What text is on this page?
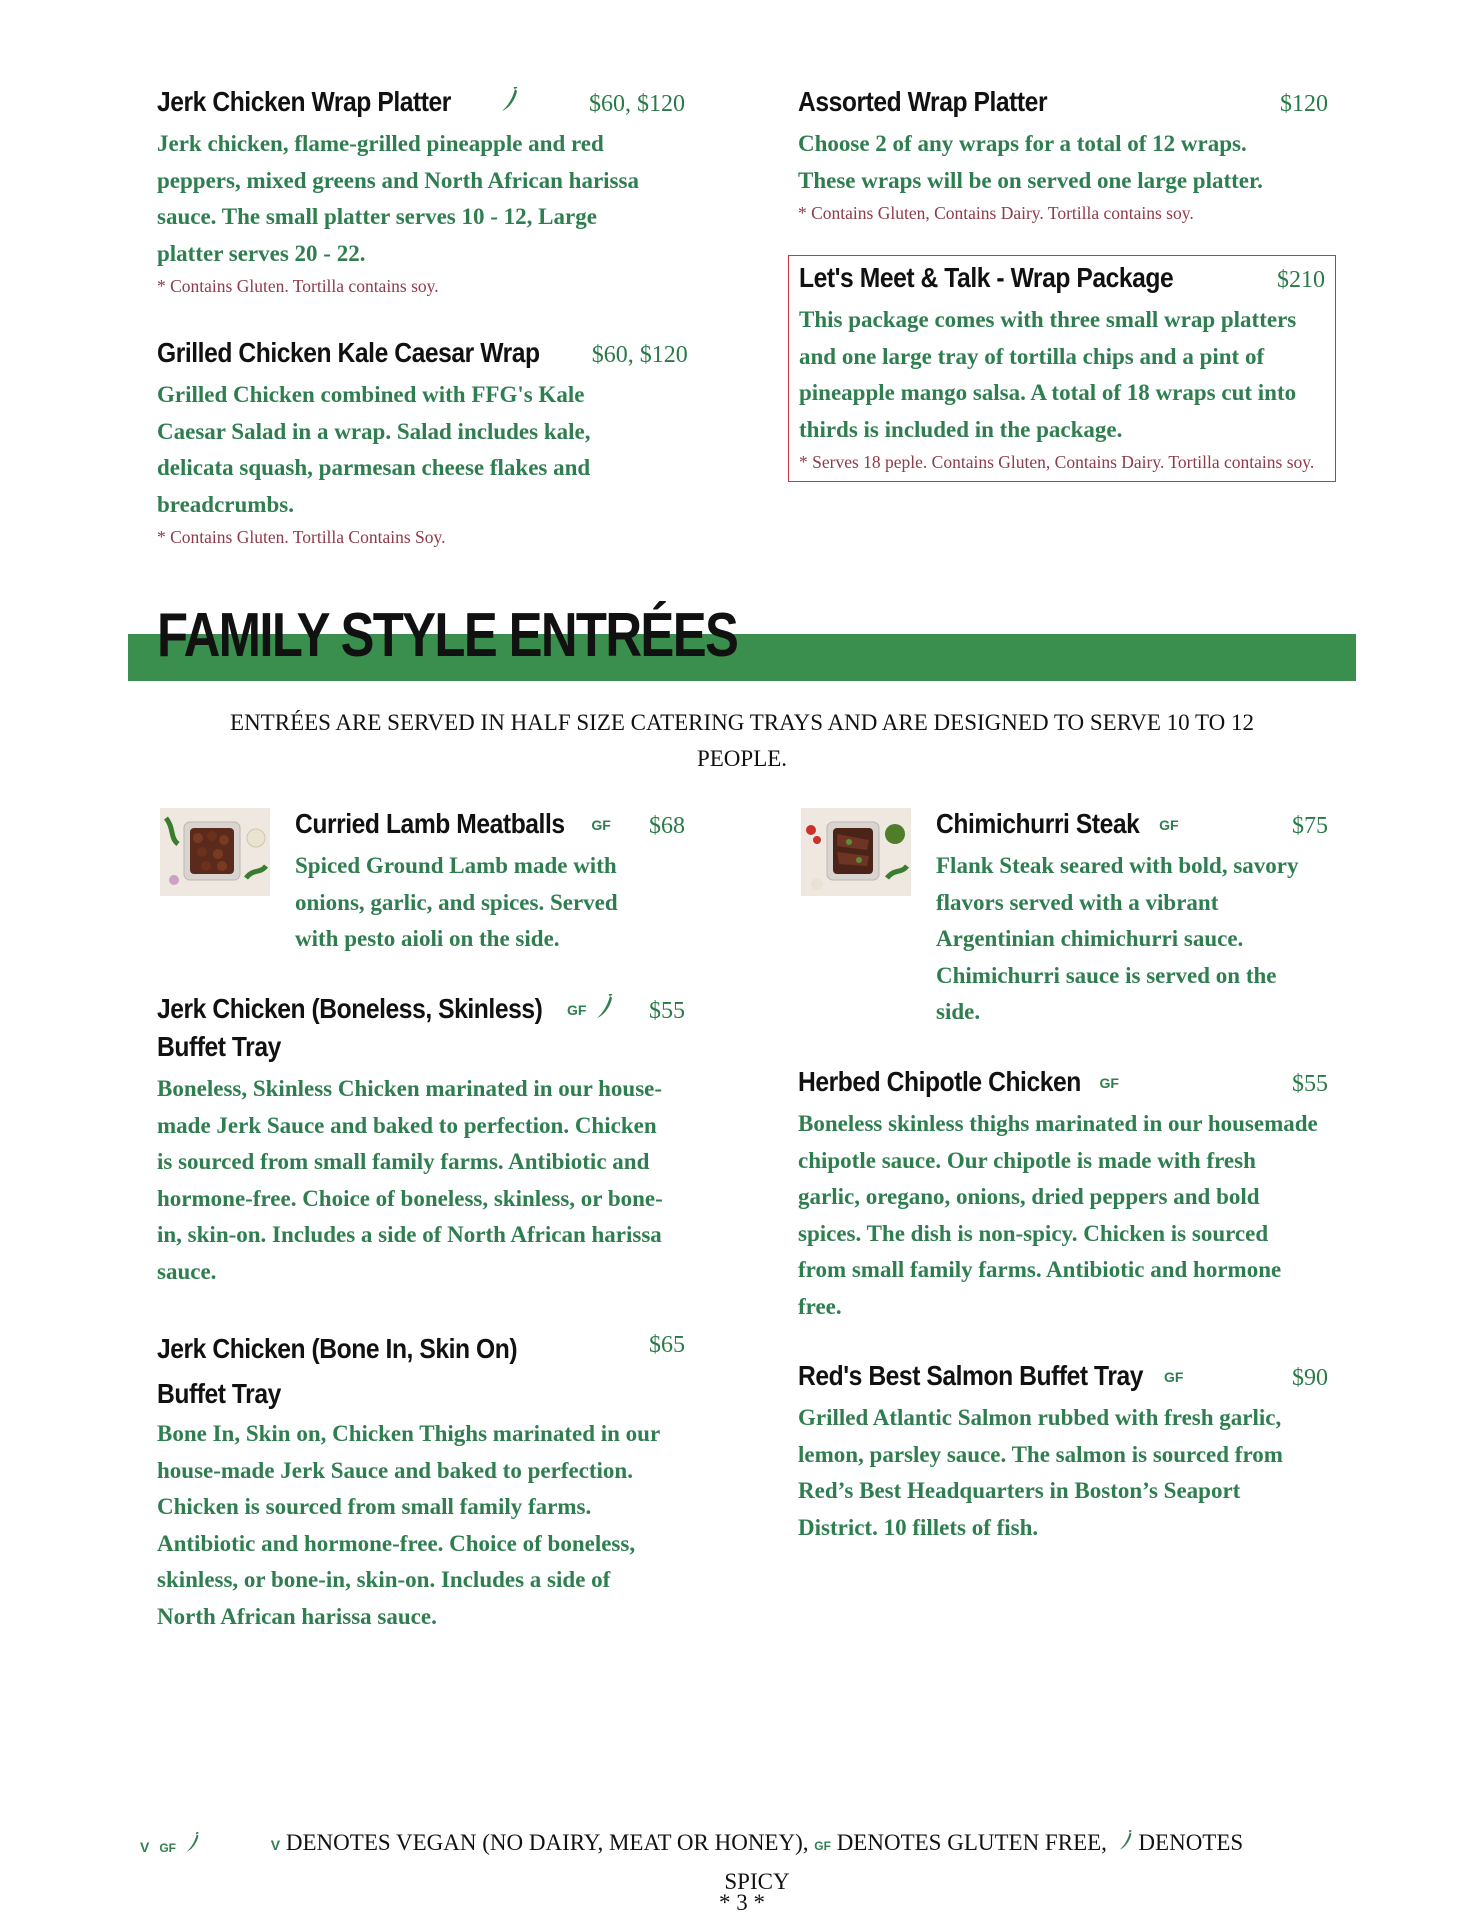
Jerk Chicken Wrap Platter	$60, $120
Jerk chicken, flame-grilled pineapple and red peppers, mixed greens and North African harissa sauce. The small platter serves 10 - 12, Large platter serves 20 - 22.
* Contains Gluten. Tortilla contains soy.
Grilled Chicken Kale Caesar Wrap $60, $120
Grilled Chicken combined with FFG's Kale Caesar Salad in a wrap. Salad includes kale, delicata squash, parmesan cheese flakes and breadcrumbs.
* Contains Gluten. Tortilla Contains Soy.
Assorted Wrap Platter	$120
Choose 2 of any wraps for a total of 12 wraps. These wraps will be on served one large platter.
* Contains Gluten, Contains Dairy. Tortilla contains soy.
Let's Meet & Talk - Wrap Package	$210
This package comes with three small wrap platters and one large tray of tortilla chips and a pint of pineapple mango salsa. A total of 18 wraps cut into thirds is included in the package.
* Serves 18 peple. Contains Gluten, Contains Dairy. Tortilla contains soy.
FAMILY STYLE ENTRÉES
ENTRÉES ARE SERVED IN HALF SIZE CATERING TRAYS AND ARE DESIGNED TO SERVE 10 TO 12 PEOPLE.
Curried Lamb Meatballs GF $68
Spiced Ground Lamb made with onions, garlic, and spices. Served with pesto aioli on the side.
Jerk Chicken (Boneless, Skinless) GF	$55
Buffet Tray
Boneless, Skinless Chicken marinated in our house-made Jerk Sauce and baked to perfection. Chicken is sourced from small family farms. Antibiotic and hormone-free. Choice of boneless, skinless, or bone-in, skin-on. Includes a side of North African harissa sauce.
Jerk Chicken (Bone In, Skin On) Buffet Tray
$65
Bone In, Skin on, Chicken Thighs marinated in our house-made Jerk Sauce and baked to perfection. Chicken is sourced from small family farms. Antibiotic and hormone-free. Choice of boneless, skinless, or bone-in, skin-on. Includes a side of North African harissa sauce.
Chimichurri Steak GF	$75
Flank Steak seared with bold, savory flavors served with a vibrant Argentinian chimichurri sauce. Chimichurri sauce is served on the side.
Herbed Chipotle Chicken GF	$55
Boneless skinless thighs marinated in our housemade chipotle sauce. Our chipotle is made with fresh garlic, oregano, onions, dried peppers and bold spices. The dish is non-spicy. Chicken is sourced from small family farms. Antibiotic and hormone free.
Red's Best Salmon Buffet Tray GF	$90
Grilled Atlantic Salmon rubbed with fresh garlic, lemon, parsley sauce. The salmon is sourced from Red’s Best Headquarters in Boston’s Seaport District. 10 fillets of fish.
V GF	V DENOTES VEGAN (NO DAIRY, MEAT OR HONEY), GF DENOTES GLUTEN FREE, DENOTES
SPICY
* 3 *
